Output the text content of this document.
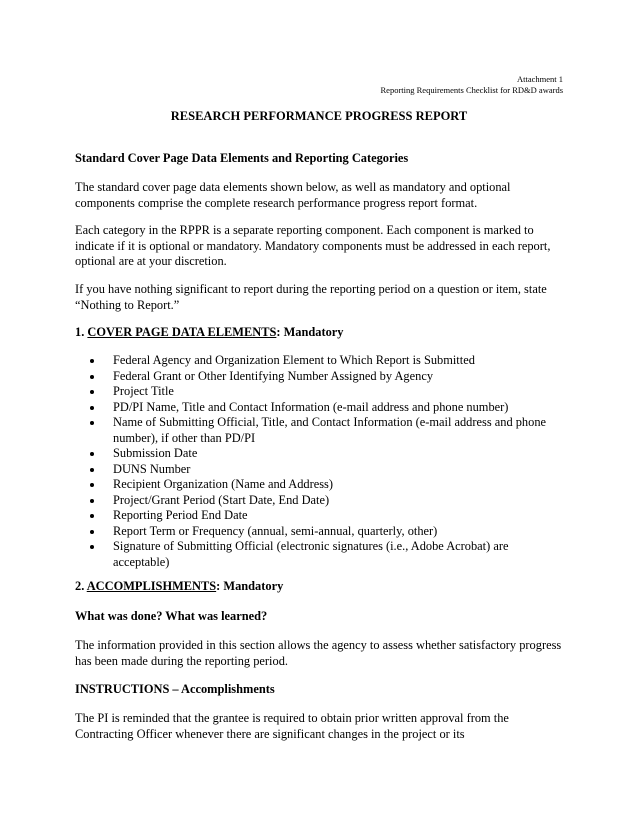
Attachment 1
Reporting Requirements Checklist for RD&D awards
RESEARCH PERFORMANCE PROGRESS REPORT

Standard Cover Page Data Elements and Reporting Categories

The standard cover page data elements shown below, as well as mandatory and optional components comprise the complete research performance progress report format.

Each category in the RPPR is a separate reporting component. Each component is marked to indicate if it is optional or mandatory. Mandatory components must be addressed in each report, optional are at your discretion.

If you have nothing significant to report during the reporting period on a question or item, state “Nothing to Report.”

1. COVER PAGE DATA ELEMENTS: Mandatory

Federal Agency and Organization Element to Which Report is Submitted
Federal Grant or Other Identifying Number Assigned by Agency
Project Title
PD/PI Name, Title and Contact Information (e-mail address and phone number)
Name of Submitting Official, Title, and Contact Information (e-mail address and phone number), if other than PD/PI
Submission Date
DUNS Number
Recipient Organization (Name and Address)
Project/Grant Period (Start Date, End Date)
Reporting Period End Date
Report Term or Frequency (annual, semi-annual, quarterly, other)
Signature of Submitting Official (electronic signatures (i.e., Adobe Acrobat) are acceptable)

2. ACCOMPLISHMENTS: Mandatory

What was done? What was learned?

The information provided in this section allows the agency to assess whether satisfactory progress has been made during the reporting period.

INSTRUCTIONS – Accomplishments

The PI is reminded that the grantee is required to obtain prior written approval from the Contracting Officer whenever there are significant changes in the project or its
